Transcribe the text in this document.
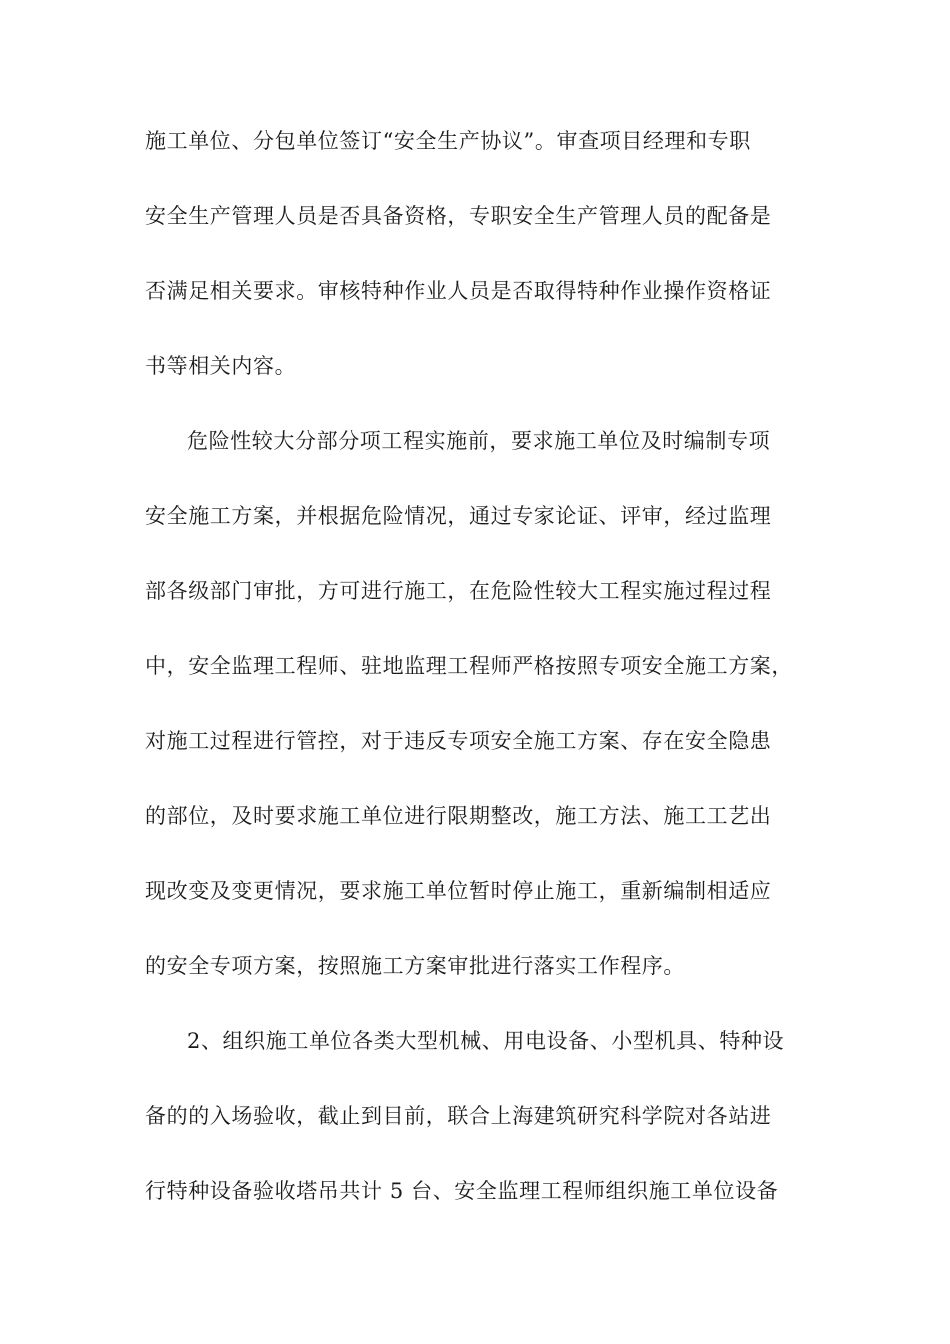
施工单位、分包单位签订“安全生产协议”。审查项目经理和专职
安全生产管理人员是否具备资格，专职安全生产管理人员的配备是
否满足相关要求。审核特种作业人员是否取得特种作业操作资格证
书等相关内容。
危险性较大分部分项工程实施前，要求施工单位及时编制专项
安全施工方案，并根据危险情况，通过专家论证、评审，经过监理
部各级部门审批，方可进行施工，在危险性较大工程实施过程过程
中，安全监理工程师、驻地监理工程师严格按照专项安全施工方案，
对施工过程进行管控，对于违反专项安全施工方案、存在安全隐患
的部位，及时要求施工单位进行限期整改，施工方法、施工工艺出
现改变及变更情况，要求施工单位暂时停止施工，重新编制相适应
的安全专项方案，按照施工方案审批进行落实工作程序。
2、组织施工单位各类大型机械、用电设备、小型机具、特种设
备的的入场验收，截止到目前，联合上海建筑研究科学院对各站进
行特种设备验收塔吊共计 5 台、安全监理工程师组织施工单位设备
